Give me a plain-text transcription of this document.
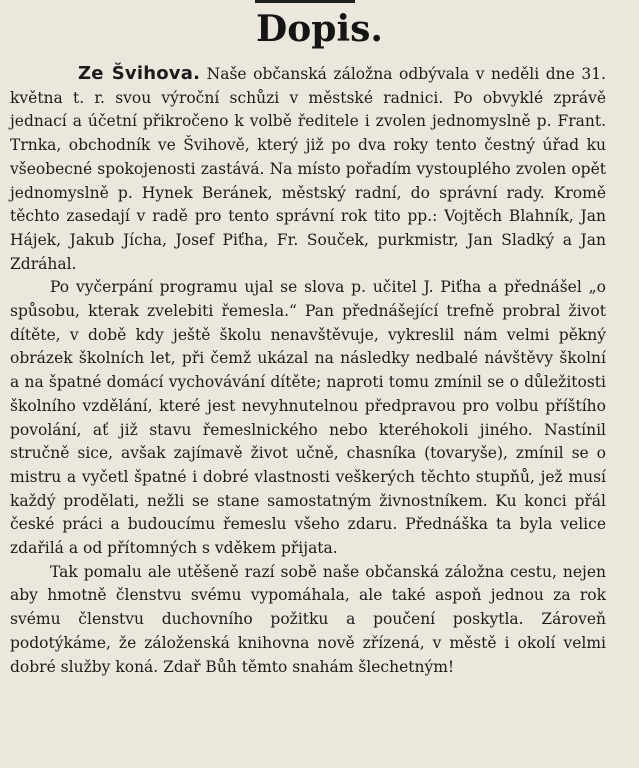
Dopis.

Ze Švihova. Naše občanská záložna odbývala v neděli dne 31. května t. r. svou výroční schůzi v městské radnici. Po obvyklé zprávě jednací a účetní přikročeno k volbě ředitele i zvolen jednomyslně p. Frant. Trnka, obchodník ve Švihově, který již po dva roky tento čestný úřad ku všeobecné spokojenosti zastává. Na místo pořadím vystouplého zvolen opět jednomyslně p. Hynek Beránek, městský radní, do správní rady. Kromě těchto zasedají v radě pro tento správní rok tito pp.: Vojtěch Blahník, Jan Hájek, Jakub Jícha, Josef Piťha, Fr. Souček, purkmistr, Jan Sladký a Jan Zdráhal.

Po vyčerpání programu ujal se slova p. učitel J. Piťha a přednášel „o spůsobu, kterak zvelebiti řemesla.“ Pan přednášející trefně probral život dítěte, v době kdy ještě školu nenavštěvuje, vykreslil nám velmi pěkný obrázek školních let, při čemž ukázal na následky nedbalé návštěvy školní a na špatné domácí vychovávání dítěte; naproti tomu zmínil se o důležitosti školního vzdělání, které jest nevyhnutelnou předpravou pro volbu příštího povolání, ať již stavu řemeslnického nebo kteréhokoli jiného. Nastínil stručně sice, avšak zajímavě život učně, chasníka (tovaryše), zmínil se o mistru a vyčetl špatné i dobré vlastnosti veškerých těchto stupňů, jež musí každý prodělati, nežli se stane samostatným živnostníkem. Ku konci přál české práci a budoucímu řemeslu všeho zdaru. Přednáška ta byla velice zdařilá a od přítomných s vděkem přijata.

Tak pomalu ale utěšeně razí sobě naše občanská záložna cestu, nejen aby hmotně členstvu svému vypomáhala, ale také aspoň jednou za rok svému členstvu duchovního požitku a poučení poskytla. Zároveň podotýkáme, že záloženská knihovna nově zřízená, v městě i okolí velmi dobré služby koná. Zdař Bůh těmto snahám šlechetným!
